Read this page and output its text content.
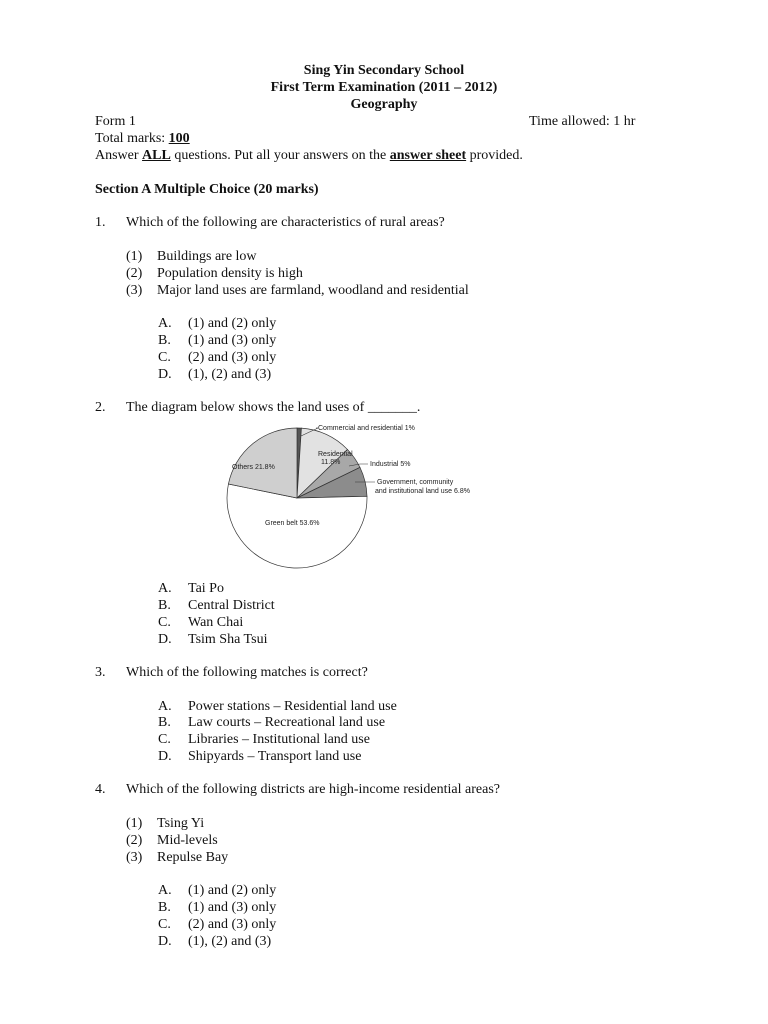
Sing Yin Secondary School
First Term Examination (2011 – 2012)
Geography
Form 1	Time allowed: 1 hr
Total marks: 100
Answer ALL questions. Put all your answers on the answer sheet provided.
Section A Multiple Choice (20 marks)
1. Which of the following are characteristics of rural areas?
(1) Buildings are low
(2) Population density is high
(3) Major land uses are farmland, woodland and residential
A. (1) and (2) only
B. (1) and (3) only
C. (2) and (3) only
D. (1), (2) and (3)
2. The diagram below shows the land uses of _______.
Commercial and residential 1%
Residential
11.8%	Industrial 5%
Government, community
and institutional land use 6.8%
Green belt 53.6%
Others 21.8%
A. Tai Po
B. Central District
C. Wan Chai
D. Tsim Sha Tsui
3. Which of the following matches is correct?
A. Power stations – Residential land use
B. Law courts – Recreational land use
C. Libraries – Institutional land use
D. Shipyards – Transport land use
4. Which of the following districts are high-income residential areas?
(1) Tsing Yi
(2) Mid-levels
(3) Repulse Bay
A. (1) and (2) only
B. (1) and (3) only
C. (2) and (3) only
D. (1), (2) and (3)
